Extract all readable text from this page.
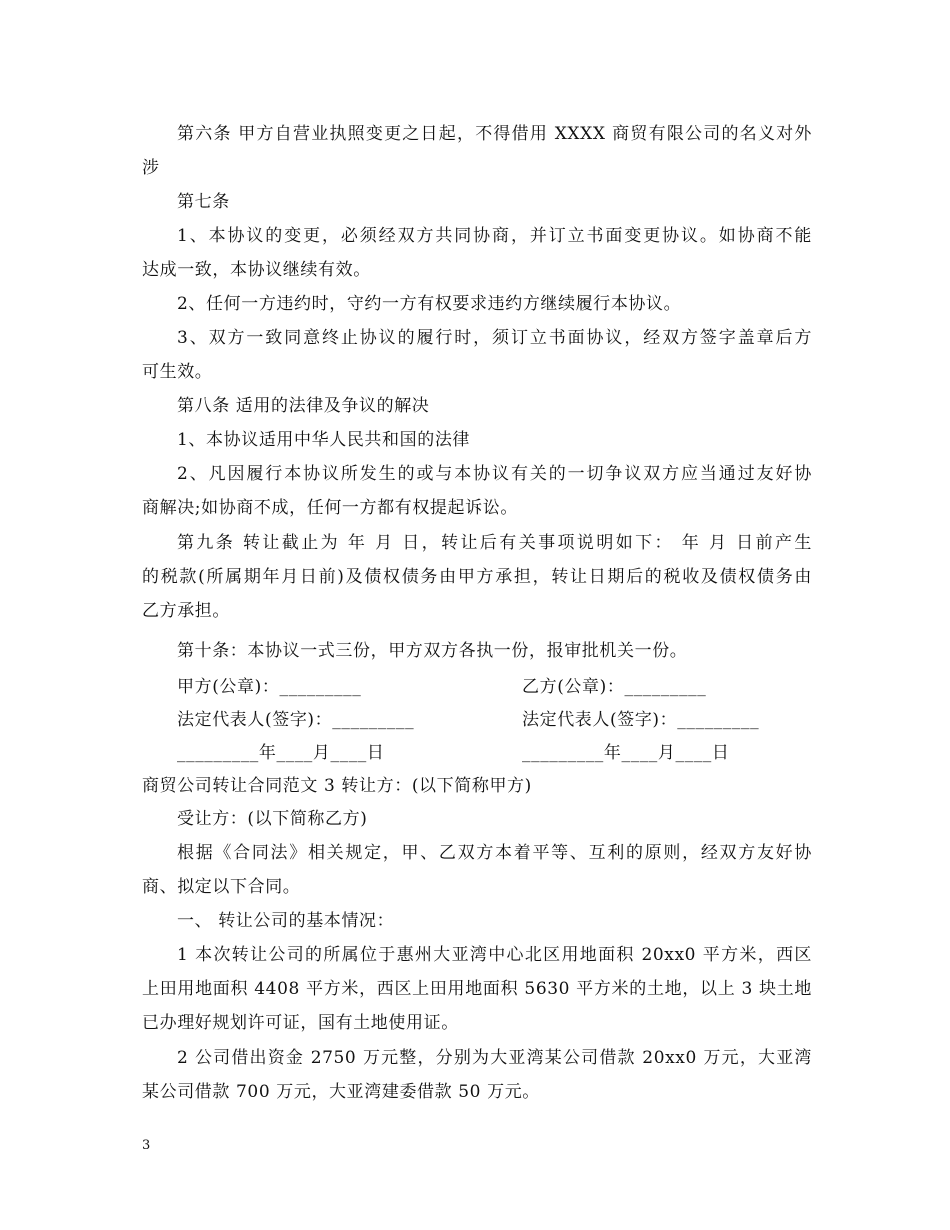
第六条 甲方自营业执照变更之日起，不得借用 XXXX 商贸有限公司的名义对外
涉
第七条
1、本协议的变更，必须经双方共同协商，并订立书面变更协议。如协商不能
达成一致，本协议继续有效。
2、任何一方违约时，守约一方有权要求违约方继续履行本协议。
3、双方一致同意终止协议的履行时，须订立书面协议，经双方签字盖章后方
可生效。
第八条 适用的法律及争议的解决
1、本协议适用中华人民共和国的法律
2、凡因履行本协议所发生的或与本协议有关的一切争议双方应当通过友好协
商解决;如协商不成，任何一方都有权提起诉讼。
第九条 转让截止为 年 月 日，转让后有关事项说明如下： 年 月 日前产生
的税款(所属期年月日前)及债权债务由甲方承担，转让日期后的税收及债权债务由
乙方承担。
第十条：本协议一式三份，甲方双方各执一份，报审批机关一份。
甲方(公章)：_________	乙方(公章)：_________
法定代表人(签字)：_________	法定代表人(签字)：_________
_________年____月____日	_________年____月____日
商贸公司转让合同范文 3 转让方：(以下简称甲方)
受让方：(以下简称乙方)
根据《合同法》相关规定，甲、乙双方本着平等、互利的原则，经双方友好协
商、拟定以下合同。
一、 转让公司的基本情况：
1 本次转让公司的所属位于惠州大亚湾中心北区用地面积 20xx0 平方米，西区
上田用地面积 4408 平方米，西区上田用地面积 5630 平方米的土地，以上 3 块土地
已办理好规划许可证，国有土地使用证。
2 公司借出资金 2750 万元整，分别为大亚湾某公司借款 20xx0 万元，大亚湾
某公司借款 700 万元，大亚湾建委借款 50 万元。
3
